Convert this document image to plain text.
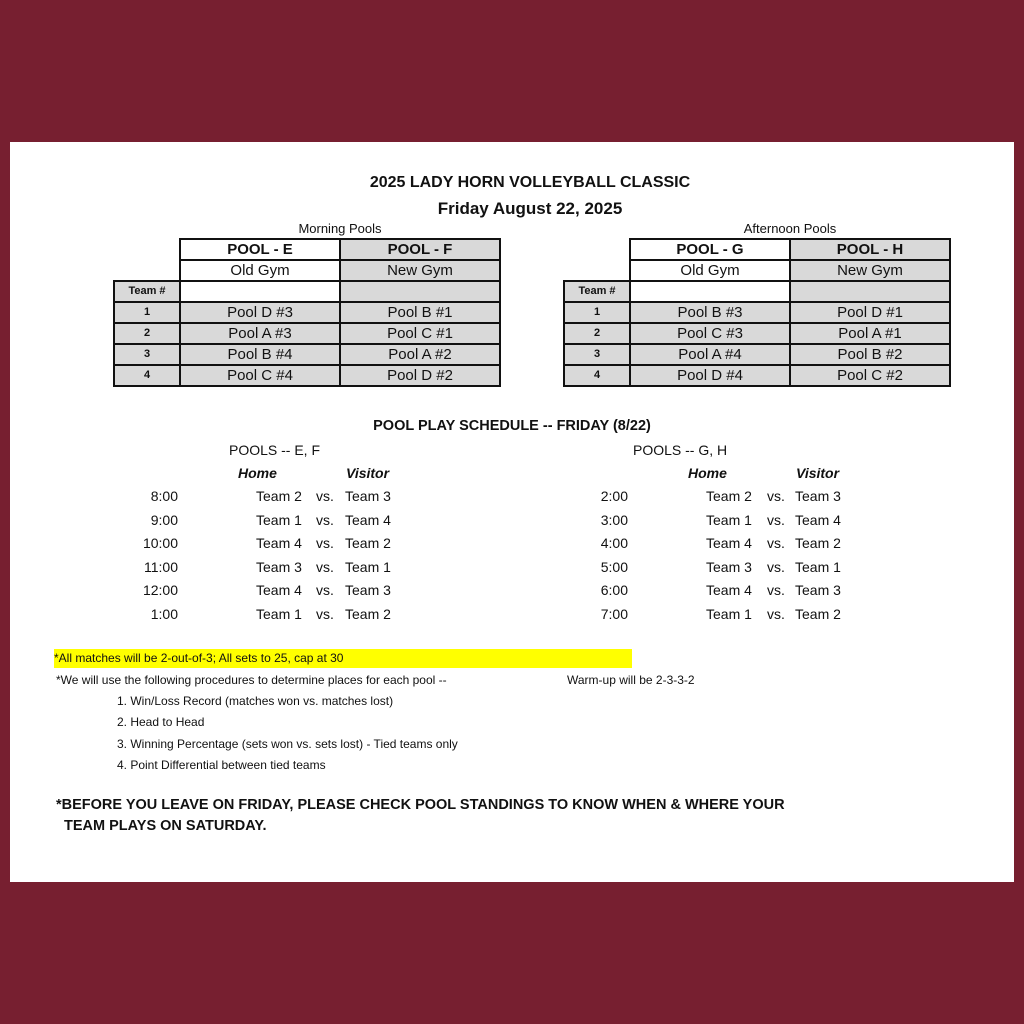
2025 LADY HORN VOLLEYBALL CLASSIC
Friday August 22, 2025
Morning Pools
	POOL - E	POOL - F
	Old Gym	New Gym
Team #		
1	Pool D #3	Pool B #1
2	Pool A #3	Pool C #1
3	Pool B #4	Pool A #2
4	Pool C #4	Pool D #2
Afternoon Pools
	POOL - G	POOL - H
	Old Gym	New Gym
Team #		
1	Pool B #3	Pool D #1
2	Pool C #3	Pool A #1
3	Pool A #4	Pool B #2
4	Pool D #4	Pool C #2
POOL PLAY SCHEDULE -- FRIDAY (8/22)
POOLS -- E, F
Home	Visitor
8:00	Team 2 vs. Team 3
9:00	Team 1 vs. Team 4
10:00	Team 4 vs. Team 2
11:00	Team 3 vs. Team 1
12:00	Team 4 vs. Team 3
1:00	Team 1 vs. Team 2
POOLS -- G, H
Home	Visitor
2:00	Team 2 vs. Team 3
3:00	Team 1 vs. Team 4
4:00	Team 4 vs. Team 2
5:00	Team 3 vs. Team 1
6:00	Team 4 vs. Team 3
7:00	Team 1 vs. Team 2
*All matches will be 2-out-of-3; All sets to 25, cap at 30
*We will use the following procedures to determine places for each pool --	Warm-up will be 2-3-3-2
1. Win/Loss Record (matches won vs. matches lost)
2. Head to Head
3. Winning Percentage (sets won vs. sets lost) - Tied teams only
4. Point Differential between tied teams
*BEFORE YOU LEAVE ON FRIDAY, PLEASE CHECK POOL STANDINGS TO KNOW WHEN & WHERE YOUR
TEAM PLAYS ON SATURDAY.
